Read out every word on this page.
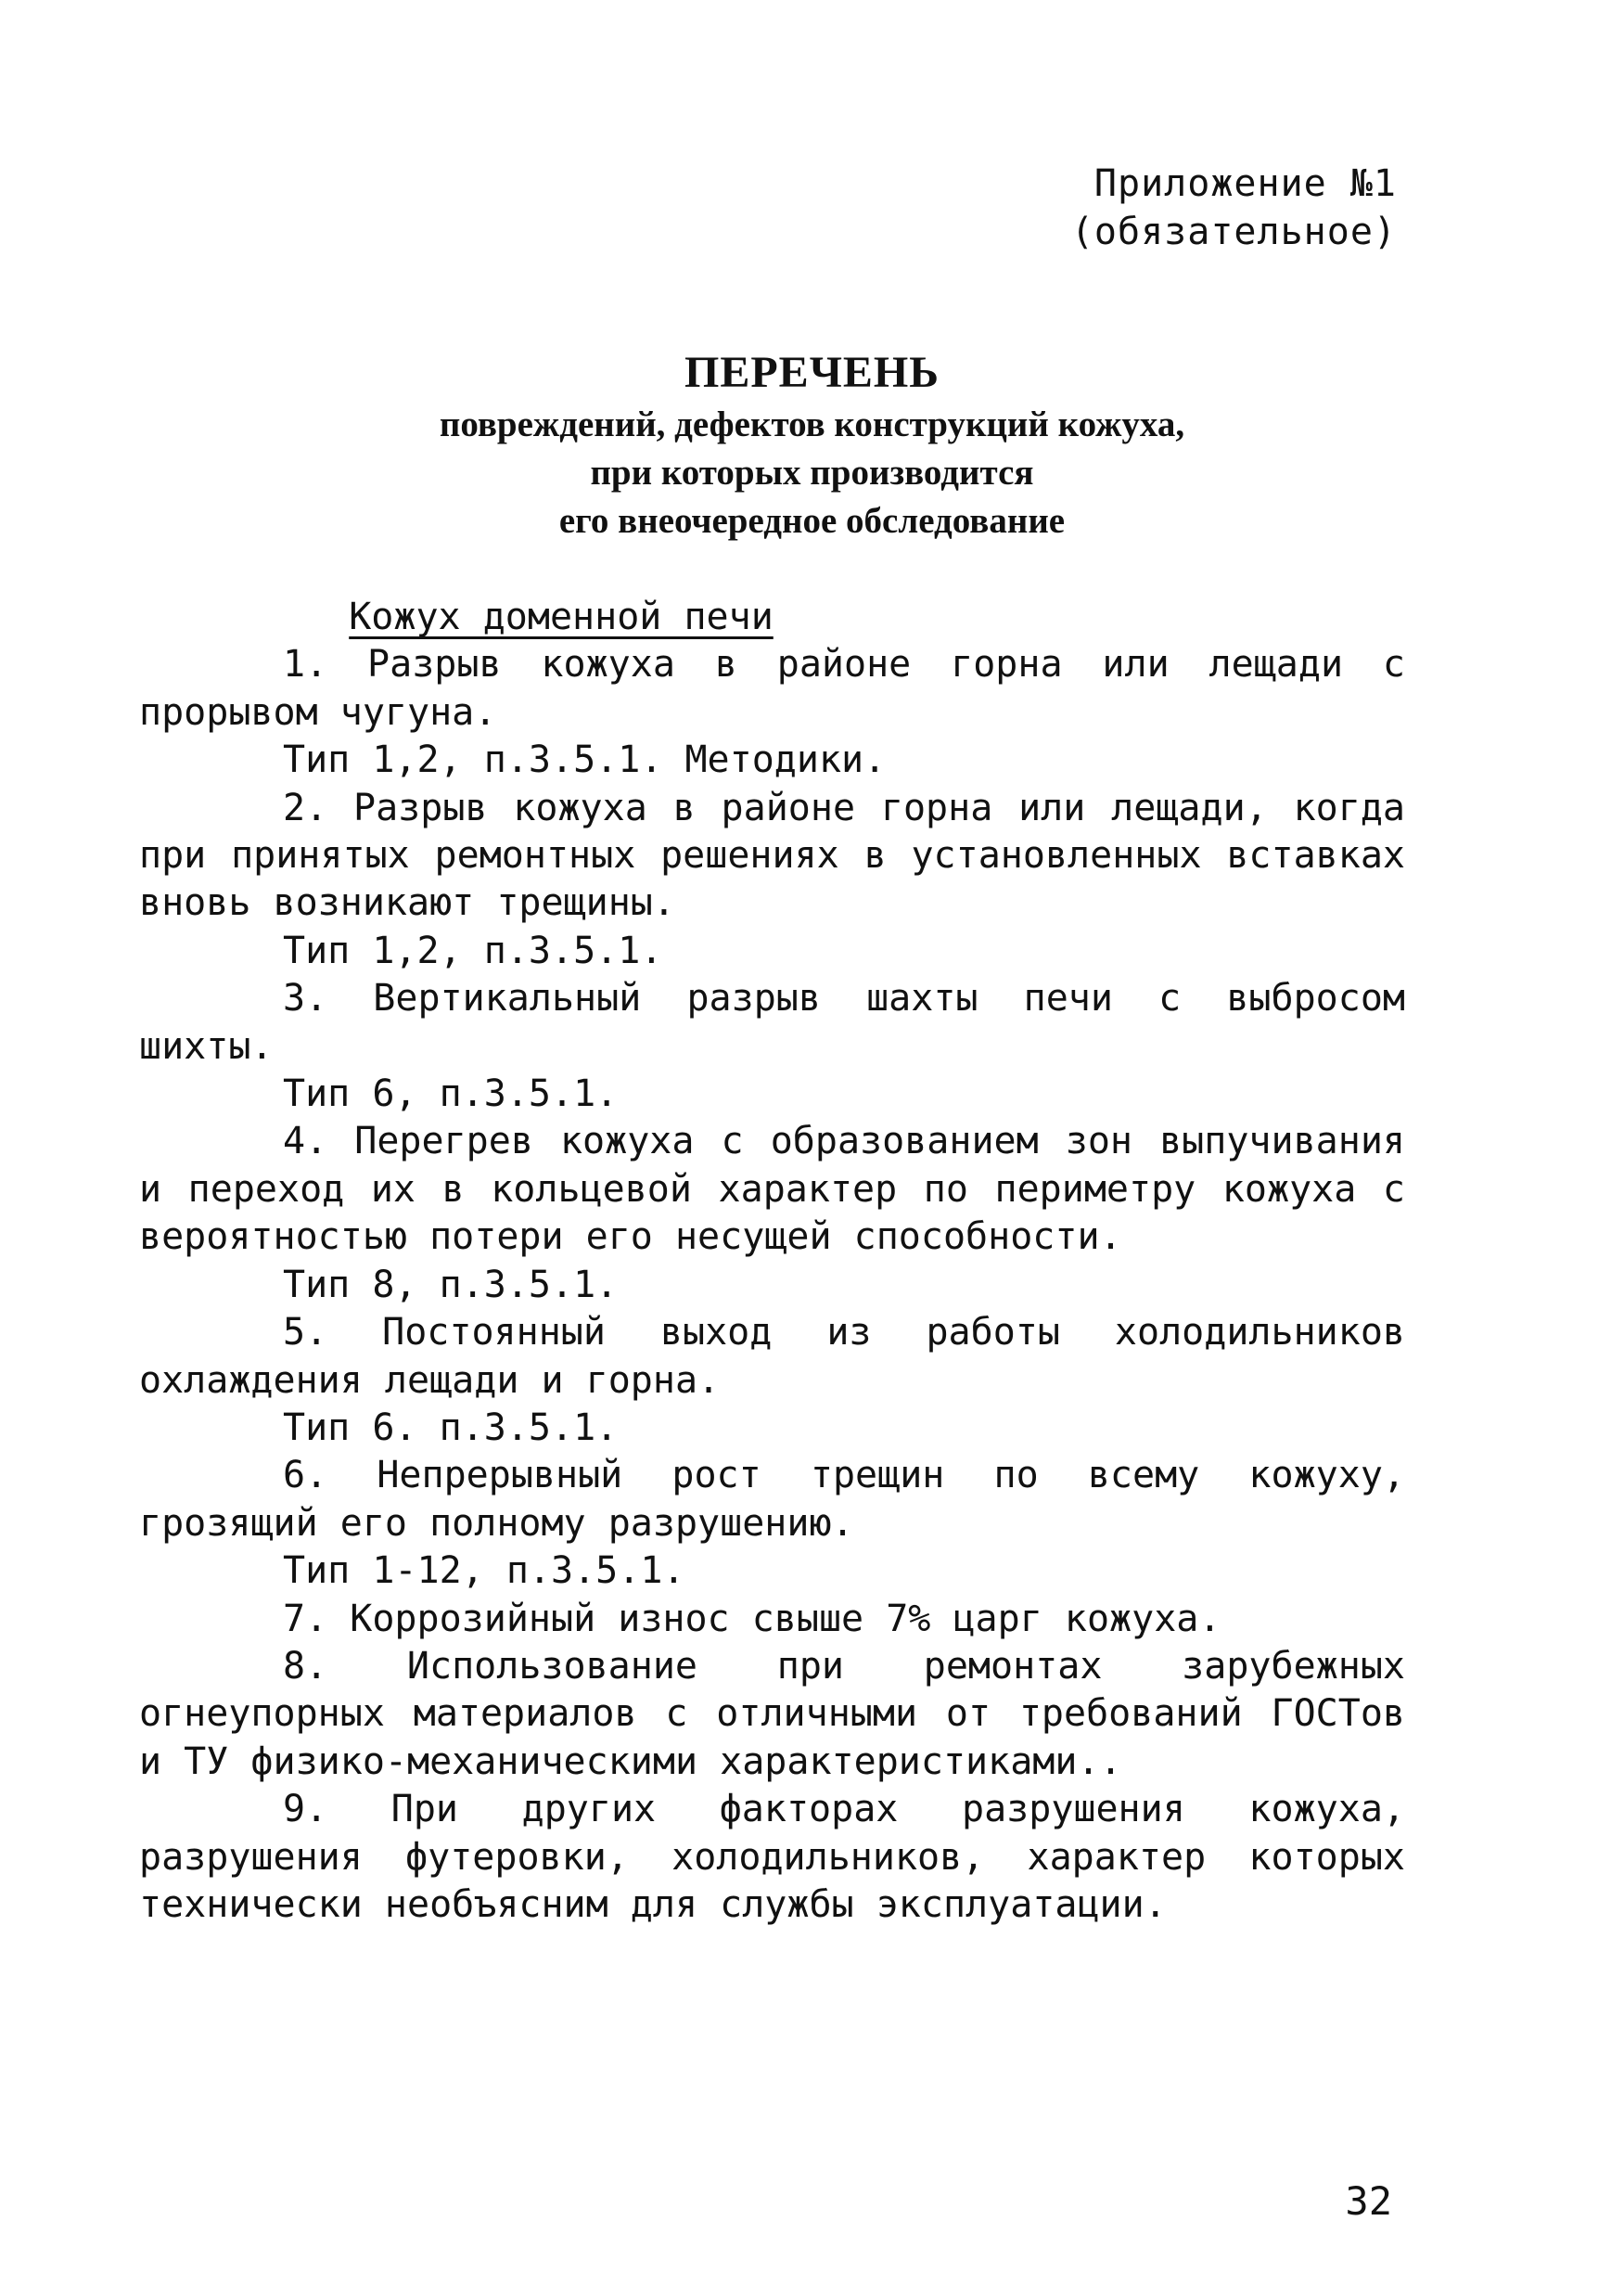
Приложение №1
(обязательное)
ПЕРЕЧЕНЬ
повреждений, дефектов конструкций кожуха,
при которых производится
его внеочередное обследование
Кожух доменной печи

1. Разрыв кожуха в районе горна или лещади с прорывом чугуна.

Тип 1,2, п.3.5.1. Методики.

2. Разрыв кожуха в районе горна или лещади, когда при принятых ремонтных решениях в установленных вставках вновь возникают трещины.

Тип 1,2, п.3.5.1.

3. Вертикальный разрыв шахты печи с выбросом шихты.

Тип 6, п.3.5.1.

4. Перегрев кожуха с образованием зон выпучивания и переход их в кольцевой характер по периметру кожуха с вероятностью потери его несущей способности.

Тип 8, п.3.5.1.

5. Постоянный выход из работы холодильников охлаждения лещади и горна.

Тип 6. п.3.5.1.

6. Непрерывный рост трещин по всему кожуху, грозящий его полному разрушению.

Тип 1-12, п.3.5.1.

7. Коррозийный износ свыше 7% царг кожуха.

8. Использование при ремонтах зарубежных огнеупорных материалов с отличными от требований ГОСТов и ТУ физико-механическими характеристиками..

9. При других факторах разрушения кожуха, разрушения футеровки, холодильников, характер которых технически необъясним для службы эксплуатации.

32
